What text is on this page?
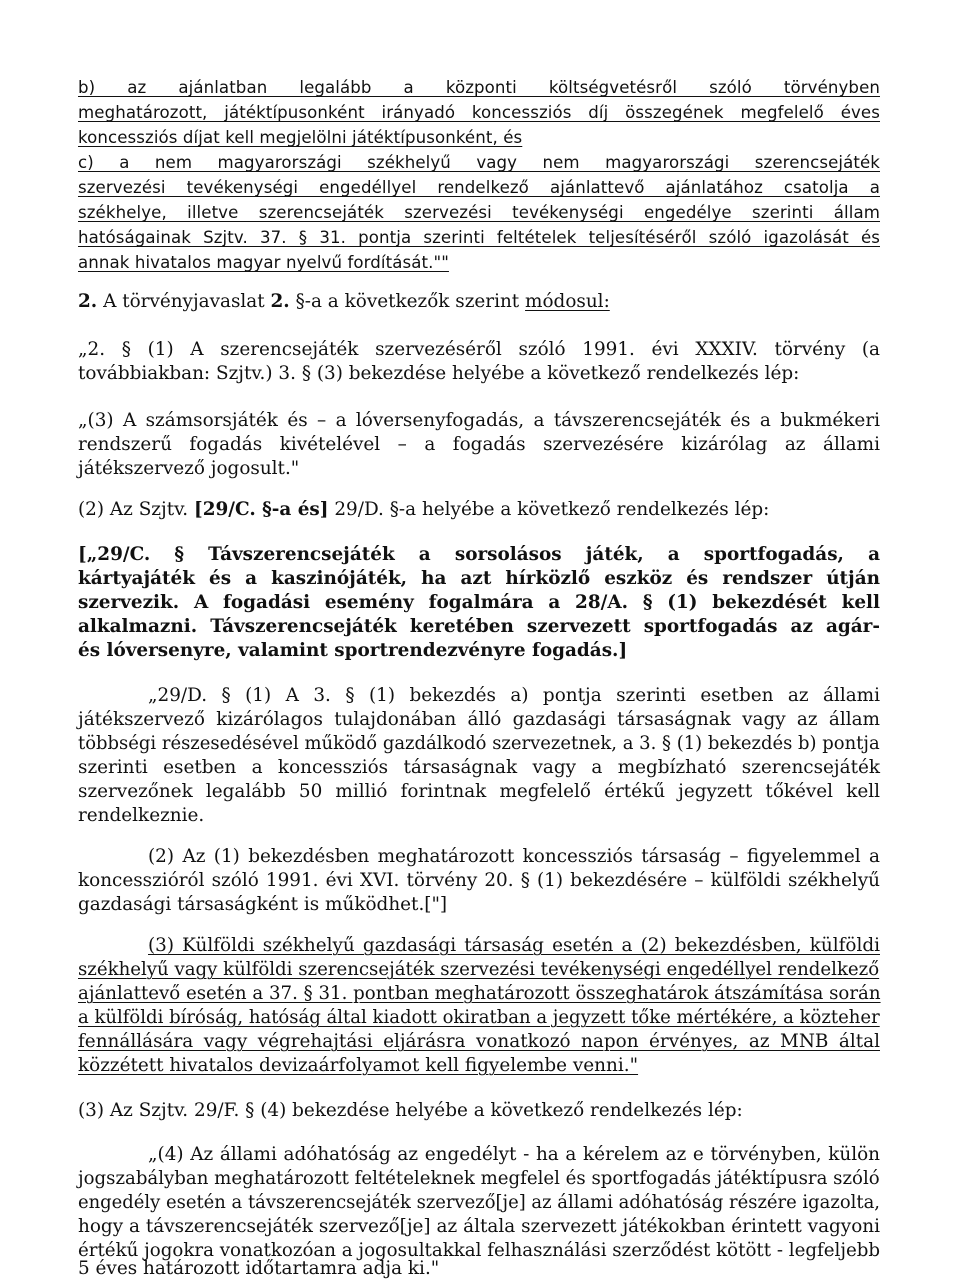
b) az ajánlatban legalább a központi költségvetésről szóló törvényben
meghatározott, játéktípusonként irányadó koncessziós díj összegének megfelelő éves
koncessziós díjat kell megjelölni játéktípusonként, és
c) a nem magyarországi székhelyű vagy nem magyarországi szerencsejáték
szervezési tevékenységi engedéllyel rendelkező ajánlattevő ajánlatához csatolja a
székhelye, illetve szerencsejáték szervezési tevékenységi engedélye szerinti állam
hatóságainak Szjtv. 37. § 31. pontja szerinti feltételek teljesítéséről szóló igazolását és
annak hivatalos magyar nyelvű fordítását.""
2. A törvényjavaslat 2. §-a a következők szerint módosul:
„2. § (1) A szerencsejáték szervezéséről szóló 1991. évi XXXIV. törvény (a
továbbiakban: Szjtv.) 3. § (3) bekezdése helyébe a következő rendelkezés lép:
„(3) A számsorsjáték és – a lóversenyfogadás, a távszerencsejáték és a bukmékeri
rendszerű fogadás kivételével – a fogadás szervezésére kizárólag az állami
játékszervező jogosult."
(2) Az Szjtv. [29/C. §-a és] 29/D. §-a helyébe a következő rendelkezés lép:
[„29/C. § Távszerencsejáték a sorsolásos játék, a sportfogadás, a
kártyajáték és a kaszinójáték, ha azt hírközlő eszköz és rendszer útján
szervezik. A fogadási esemény fogalmára a 28/A. § (1) bekezdését kell
alkalmazni. Távszerencsejáték keretében szervezett sportfogadás az agár-
és lóversenyre, valamint sportrendezvényre fogadás.]
„29/D. § (1) A 3. § (1) bekezdés a) pontja szerinti esetben az állami
játékszervező kizárólagos tulajdonában álló gazdasági társaságnak vagy az állam
többségi részesedésével működő gazdálkodó szervezetnek, a 3. § (1) bekezdés b) pontja
szerinti esetben a koncessziós társaságnak vagy a megbízható szerencsejáték
szervezőnek legalább 50 millió forintnak megfelelő értékű jegyzett tőkével kell
rendelkeznie.
(2) Az (1) bekezdésben meghatározott koncessziós társaság – figyelemmel a
koncesszióról szóló 1991. évi XVI. törvény 20. § (1) bekezdésére – külföldi székhelyű
gazdasági társaságként is működhet.["]
(3) Külföldi székhelyű gazdasági társaság esetén a (2) bekezdésben, külföldi
székhelyű vagy külföldi szerencsejáték szervezési tevékenységi engedéllyel rendelkező
ajánlattevő esetén a 37. § 31. pontban meghatározott összeghatárok átszámítása során
a külföldi bíróság, hatóság által kiadott okiratban a jegyzett tőke mértékére, a közteher
fennállására vagy végrehajtási eljárásra vonatkozó napon érvényes, az MNB által
közzétett hivatalos devizaárfolyamot kell figyelembe venni."
(3) Az Szjtv. 29/F. § (4) bekezdése helyébe a következő rendelkezés lép:
„(4) Az állami adóhatóság az engedélyt - ha a kérelem az e törvényben, külön
jogszabályban meghatározott feltételeknek megfelel és sportfogadás játéktípusra szóló
engedély esetén a távszerencsejáték szervező[je] az állami adóhatóság részére igazolta,
hogy a távszerencsejáték szervező[je] az általa szervezett játékokban érintett vagyoni
értékű jogokra vonatkozóan a jogosultakkal felhasználási szerződést kötött - legfeljebb
5 éves határozott időtartamra adja ki."
